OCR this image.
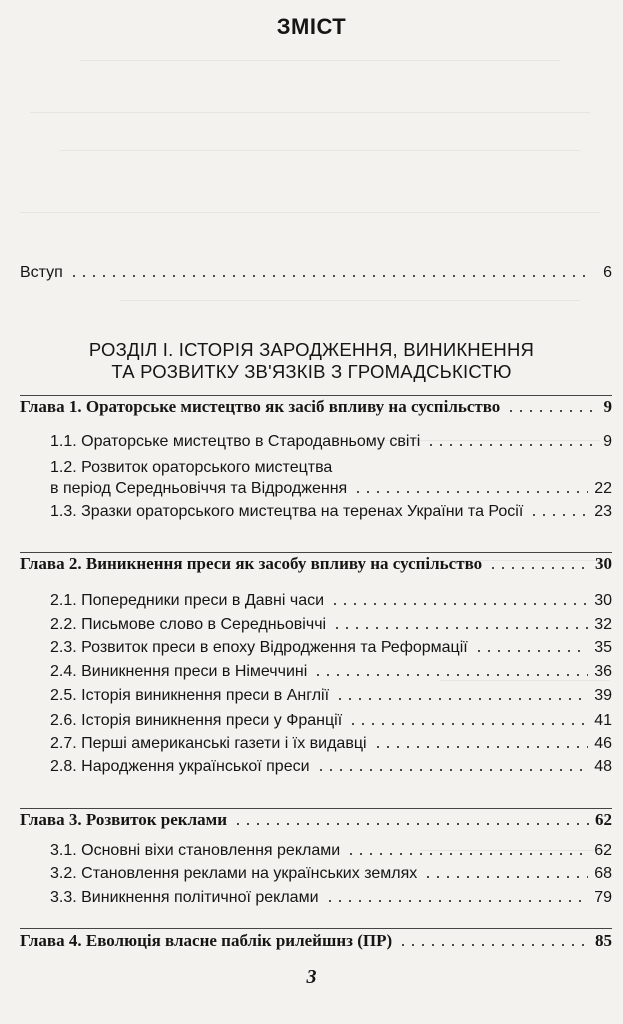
ЗМІСТ
Вступ	6
РОЗДІЛ I. ІСТОРІЯ ЗАРОДЖЕННЯ, ВИНИКНЕННЯ
ТА РОЗВИТКУ ЗВ'ЯЗКІВ З ГРОМАДСЬКІСТЮ
Глава 1. Ораторське мистецтво як засіб впливу на суспільство	9
1.1. Ораторське мистецтво в Стародавньому світі	9
1.2. Розвиток ораторського мистецтва
в період Середньовіччя та Відродження	22
1.3. Зразки ораторського мистецтва на теренах України та Росії	23
Глава 2. Виникнення преси як засобу впливу на суспільство	30
2.1. Попередники преси в Давні часи	30
2.2. Письмове слово в Середньовіччі	32
2.3. Розвиток преси в епоху Відродження та Реформації	35
2.4. Виникнення преси в Німеччині	36
2.5. Історія виникнення преси в Англії	39
2.6. Історія виникнення преси у Франції	41
2.7. Перші американські газети і їх видавці	46
2.8. Народження української преси	48
Глава 3. Розвиток реклами	62
3.1. Основні віхи становлення реклами	62
3.2. Становлення реклами на українських землях	68
3.3. Виникнення політичної реклами	79
Глава 4. Еволюція власне паблік рилейшнз (ПР)	85
3
